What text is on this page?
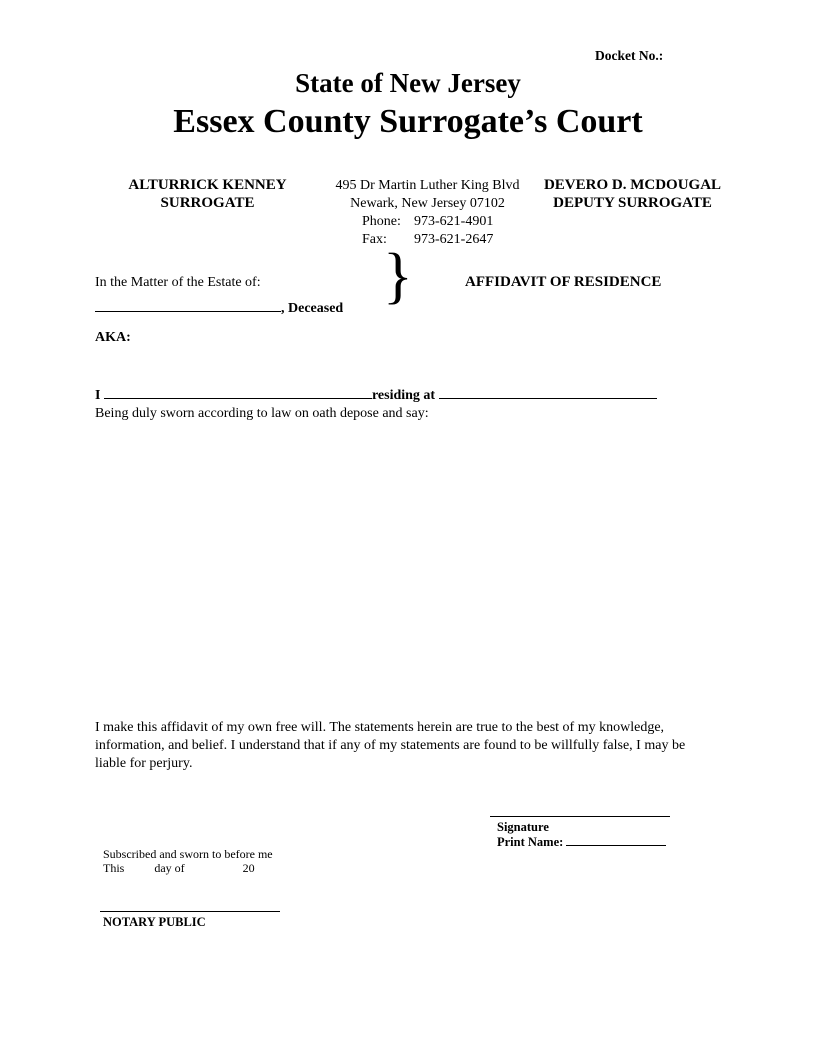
Docket No.:
State of New Jersey
Essex County Surrogate’s Court
ALTURRICK KENNEY
SURROGATE
495 Dr Martin Luther King Blvd
Newark, New Jersey 07102
Phone: 973-621-4901
Fax: 973-621-2647
DEVERO D. MCDOUGAL
DEPUTY SURROGATE
In the Matter of the Estate of: }	AFFIDAVIT OF RESIDENCE
, Deceased
AKA:
I	residing at
Being duly sworn according to law on oath depose and say:
I make this affidavit of my own free will. The statements herein are true to the best of my knowledge, information, and belief. I understand that if any of my statements are found to be willfully false, I may be liable for perjury.
Signature
Print Name:
Subscribed and sworn to before me
This	day of	20
NOTARY PUBLIC
